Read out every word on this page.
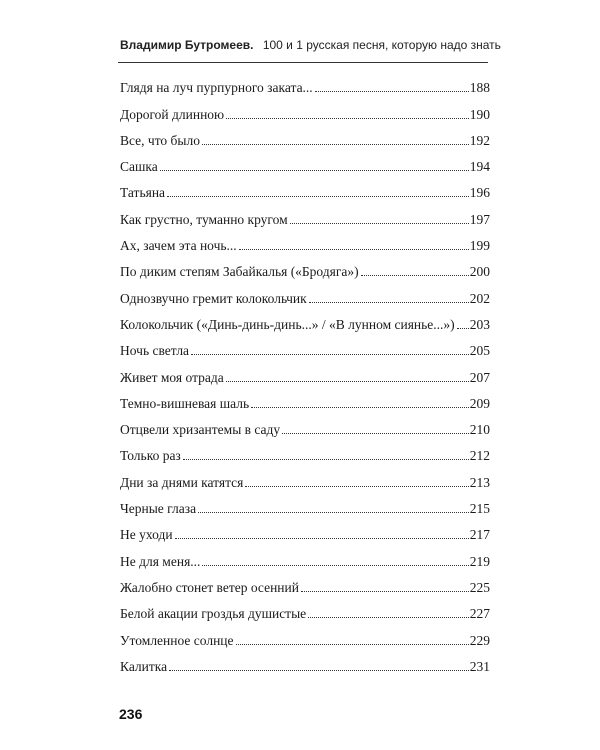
Владимир Бутромеев. 100 и 1 русская песня, которую надо знать
Глядя на луч пурпурного заката...	188
Дорогой длинною	190
Все, что было	192
Сашка	194
Татьяна	196
Как грустно, туманно кругом	197
Ах, зачем эта ночь...	199
По диким степям Забайкалья («Бродяга»)	200
Однозвучно гремит колокольчик	202
Колокольчик («Динь-динь-динь...» / «В лунном сиянье...») 203
Ночь светла	205
Живет моя отрада	207
Темно-вишневая шаль	209
Отцвели хризантемы в саду	210
Только раз	212
Дни за днями катятся	213
Черные глаза	215
Не уходи	217
Не для меня...	219
Жалобно стонет ветер осенний	225
Белой акации гроздья душистые	227
Утомленное солнце	229
Калитка	231
236
